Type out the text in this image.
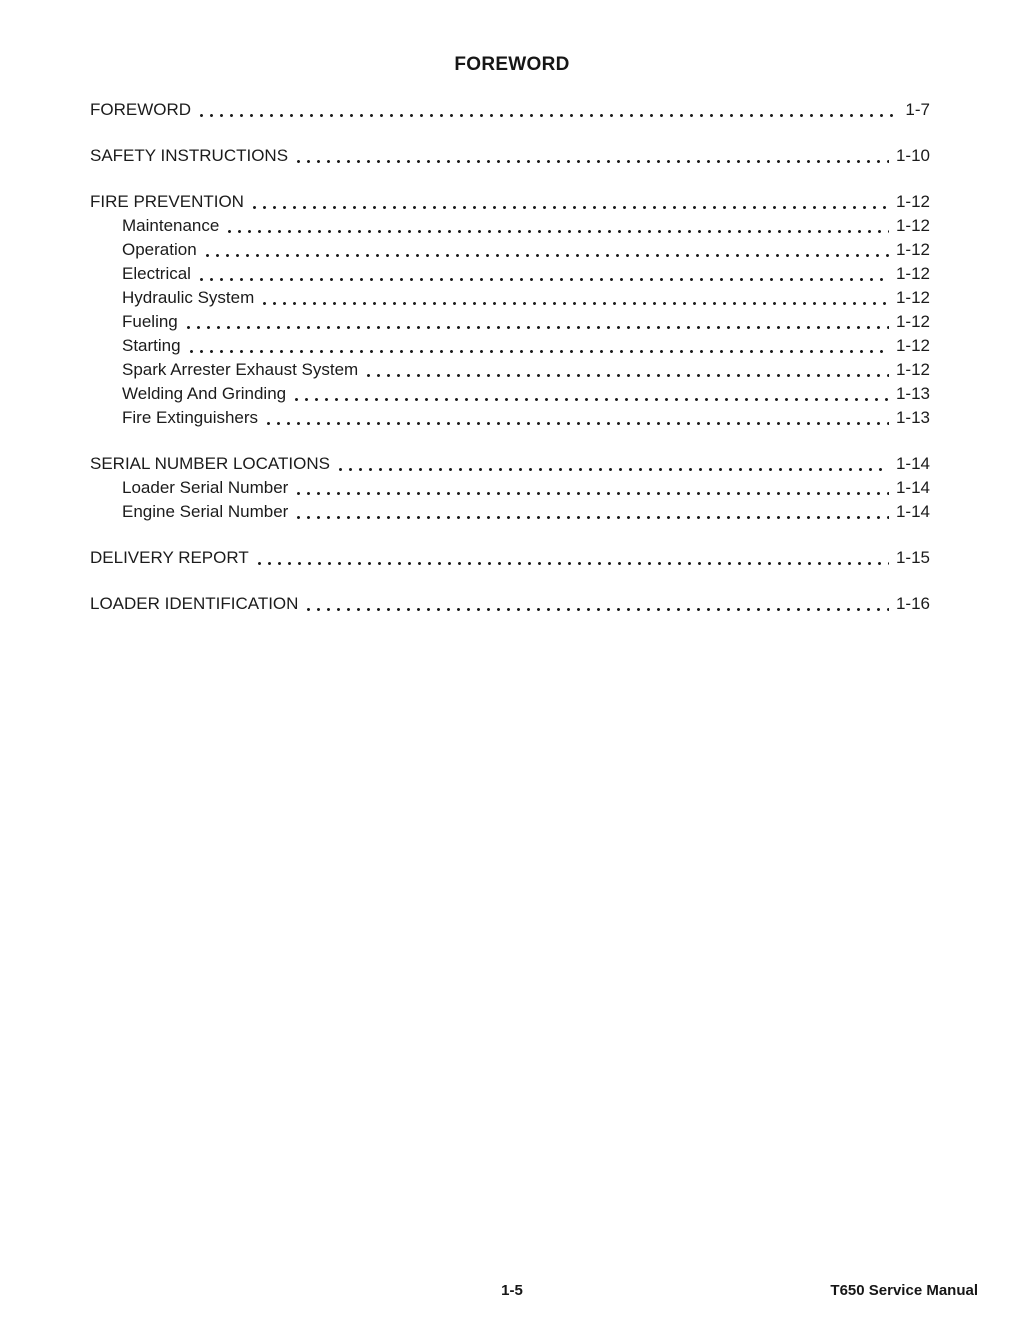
FOREWORD
FOREWORD	1-7
SAFETY INSTRUCTIONS	1-10
FIRE PREVENTION	1-12
Maintenance	1-12
Operation	1-12
Electrical	1-12
Hydraulic System	1-12
Fueling	1-12
Starting	1-12
Spark Arrester Exhaust System	1-12
Welding And Grinding	1-13
Fire Extinguishers	1-13
SERIAL NUMBER LOCATIONS	1-14
Loader Serial Number	1-14
Engine Serial Number	1-14
DELIVERY REPORT	1-15
LOADER IDENTIFICATION	1-16
1-5	T650 Service Manual
